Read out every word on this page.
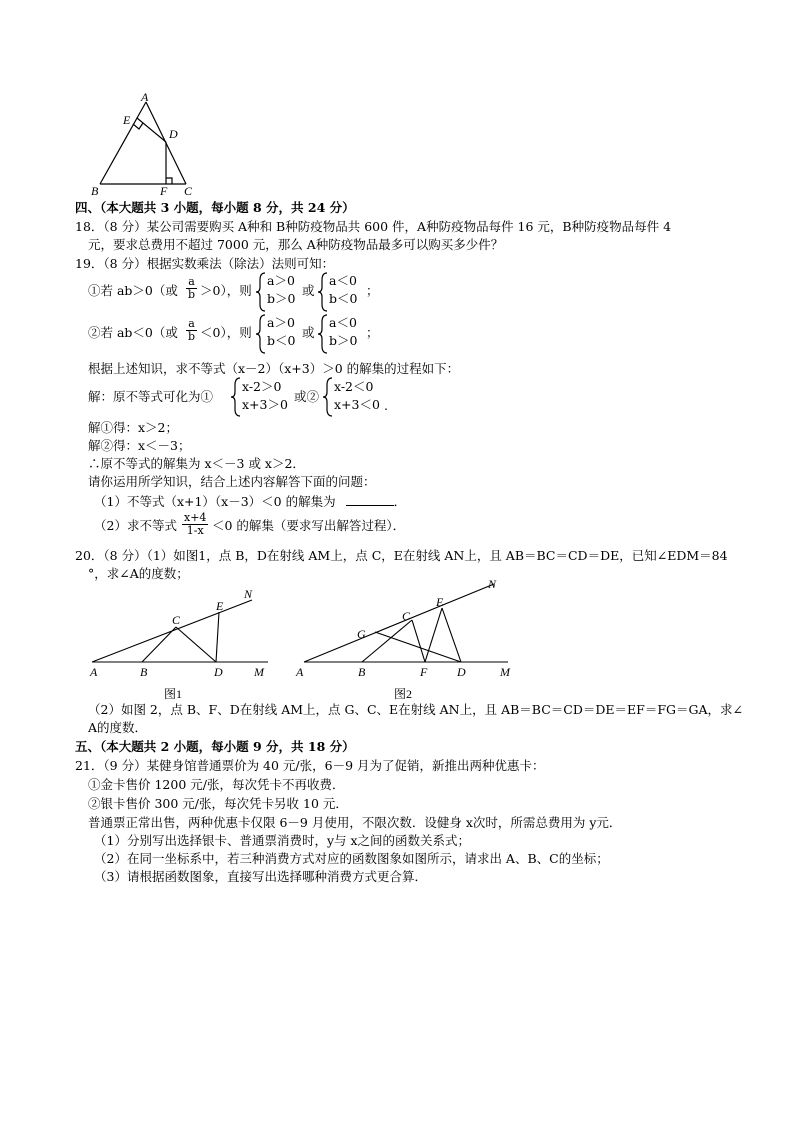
A
E
D
B	F C
四、（本大题共 3 小题，每小题 8 分，共 24 分）
18．（8 分）某公司需要购买 A种和 B种防疫物品共 600 件，A种防疫物品每件 16 元，B种防疫物品每件 4
元，要求总费用不超过 7000 元，那么 A种防疫物品最多可以购买多少件？
19．（8 分）根据实数乘法（除法）法则可知：
①若 ab＞0（或 $\frac{a}{b} >0$），则
a＞0
b＞0
或
a＜0
b＜0
；
②若 ab＜0（或 $\frac{a}{b} <0$），则
a＞0
b＜0
或
a＜0
b＞0
；
根据上述知识，求不等式（x－2）（x+3）＞0 的解集的过程如下：
解：原不等式可化为①
x-2＞0
x+3＞0
或②
x-2＜0
x+3＜0 .
解①得：x＞2；
解②得：x＜－3；
∴原不等式的解集为 x＜－3 或 x＞2．
请你运用所学知识，结合上述内容解答下面的问题：
（1）不等式（x+1）（x－3）＜0 的解集为	．
（2）求不等式 $\frac{x+4}{1-x} <0$ 的解集（要求写出解答过程）．
20．（8 分）（1）如图1，点 B，D在射线 AM上，点 C，E在射线 AN上，且 AB＝BC＝CD＝DE，已知∠EDM＝84
°，求∠A的度数；
A	B
C
D
E
M
N
图1
A	B	F D	M
G
C
E
N
图2
（2）如图 2，点 B、F、D在射线 AM上，点 G、C、E在射线 AN上，且 AB＝BC＝CD＝DE＝EF＝FG＝GA，求∠
A的度数．
五、（本大题共 2 小题，每小题 9 分，共 18 分）
21．（9 分）某健身馆普通票价为 40 元/张，6－9 月为了促销，新推出两种优惠卡：
①金卡售价 1200 元/张，每次凭卡不再收费．
②银卡售价 300 元/张，每次凭卡另收 10 元．
普通票正常出售，两种优惠卡仅限 6－9 月使用，不限次数．设健身 x次时，所需总费用为 y元．
（1）分别写出选择银卡、普通票消费时，y与 x之间的函数关系式；
（2）在同一坐标系中，若三种消费方式对应的函数图象如图所示，请求出 A、B、C的坐标；
（3）请根据函数图象，直接写出选择哪种消费方式更合算．
